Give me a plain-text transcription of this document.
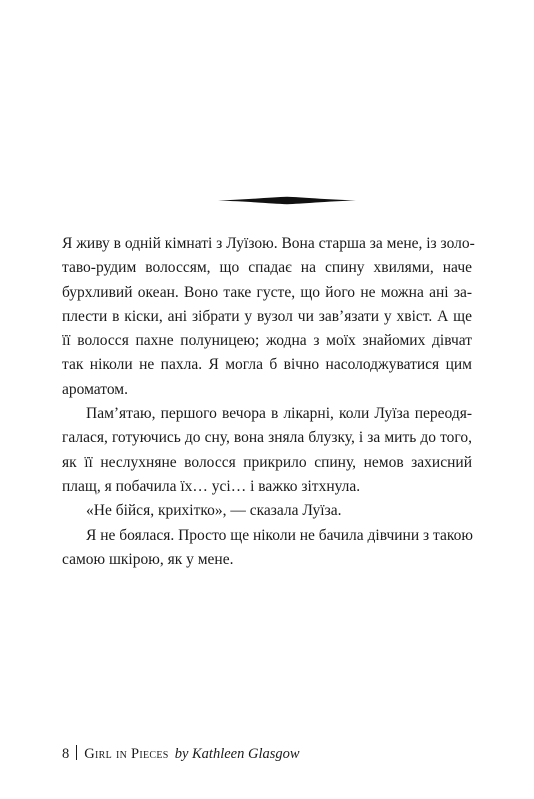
Я живу в одній кімнаті з Луїзою. Вона старша за мене, із золо-
таво-рудим волоссям, що спадає на спину хвилями, наче
бурхливий океан. Воно таке густе, що його не можна ані за-
плести в кіски, ані зібрати у вузол чи зав’язати у хвіст. А ще
її волосся пахне полуницею; жодна з моїх знайомих дівчат
так ніколи не пахла. Я могла б вічно насолоджуватися цим
ароматом.
Пам’ятаю, першого вечора в лікарні, коли Луїза переодя-
галася, готуючись до сну, вона зняла блузку, і за мить до того,
як її неслухняне волосся прикрило спину, немов захисний
плащ, я побачила їх… усі… і важко зітхнула.
«Не бійся, крихітко», — сказала Луїза.
Я не боялася. Просто ще ніколи не бачила дівчини з такою
самою шкірою, як у мене.
8 Girl in Pieces by Kathleen Glasgow
